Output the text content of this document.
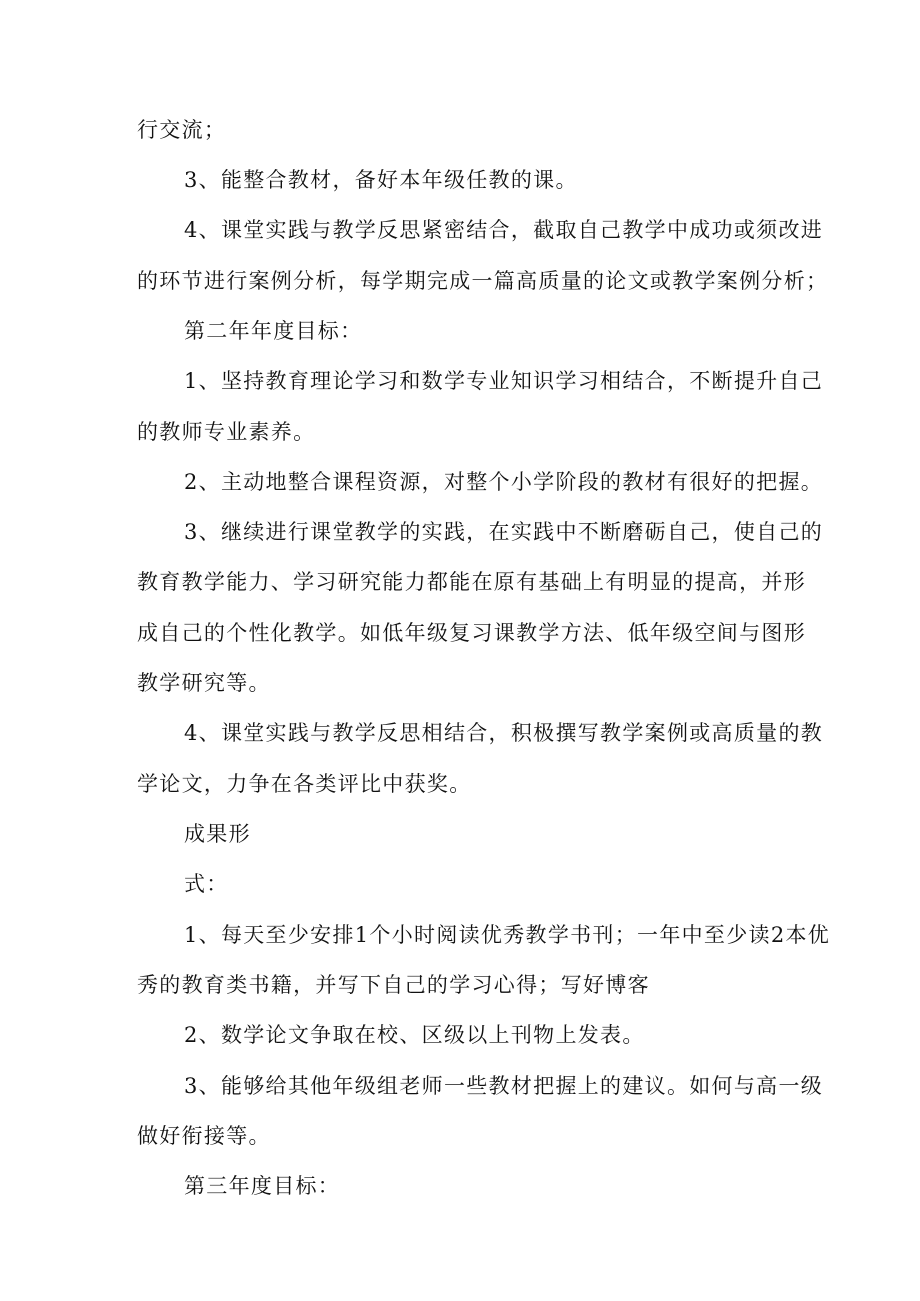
行交流；
3、能整合教材，备好本年级任教的课。
4、课堂实践与教学反思紧密结合，截取自己教学中成功或须改进
的环节进行案例分析，每学期完成一篇高质量的论文或教学案例分析；
第二年年度目标：
1、坚持教育理论学习和数学专业知识学习相结合，不断提升自己
的教师专业素养。
2、主动地整合课程资源，对整个小学阶段的教材有很好的把握。
3、继续进行课堂教学的实践，在实践中不断磨砺自己，使自己的
教育教学能力、学习研究能力都能在原有基础上有明显的提高，并形
成自己的个性化教学。如低年级复习课教学方法、低年级空间与图形
教学研究等。
4、课堂实践与教学反思相结合，积极撰写教学案例或高质量的教
学论文，力争在各类评比中获奖。
成果形
式：
1、每天至少安排1个小时阅读优秀教学书刊；一年中至少读2本优
秀的教育类书籍，并写下自己的学习心得；写好博客
2、数学论文争取在校、区级以上刊物上发表。
3、能够给其他年级组老师一些教材把握上的建议。如何与高一级
做好衔接等。
第三年度目标：
